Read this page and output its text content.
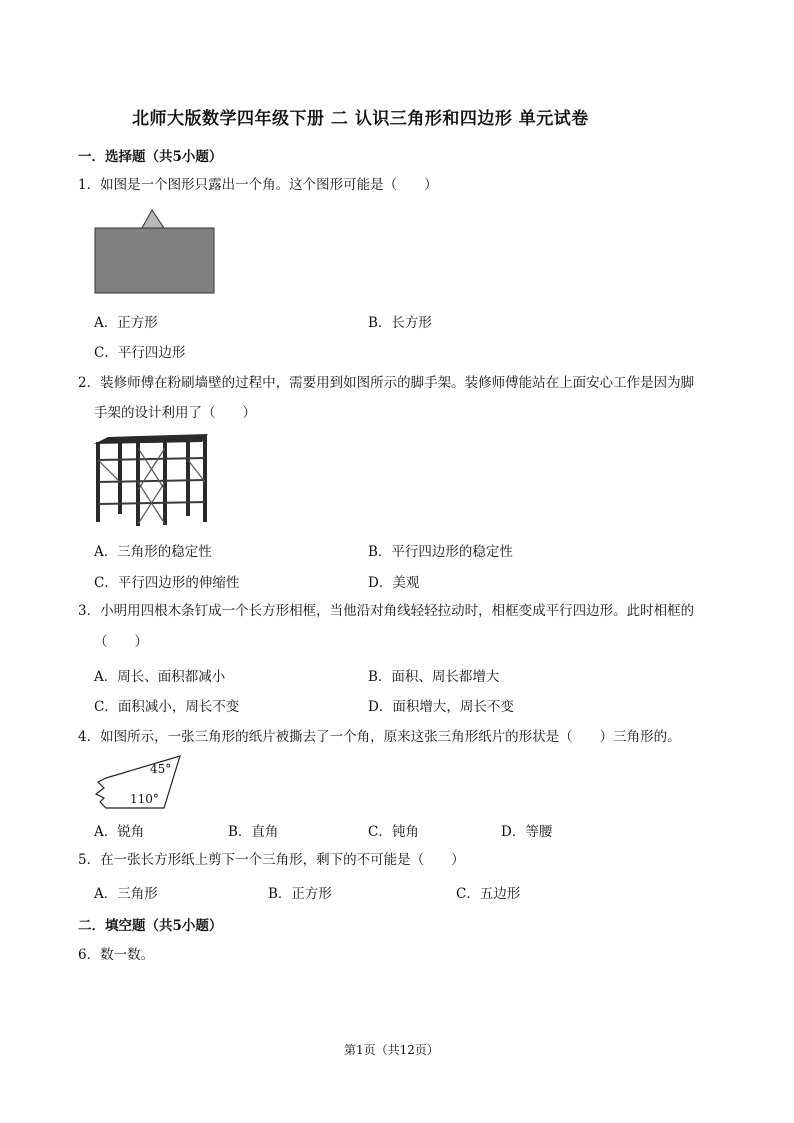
北师大版数学四年级下册 二 认识三角形和四边形 单元试卷
一．选择题（共5小题）
1．如图是一个图形只露出一个角。这个图形可能是（　　）
A．正方形	B．长方形
C．平行四边形
2．装修师傅在粉刷墙壁的过程中，需要用到如图所示的脚手架。装修师傅能站在上面安心工作是因为脚
手架的设计利用了（　　）
A．三角形的稳定性	B．平行四边形的稳定性
C．平行四边形的伸缩性	D．美观
3．小明用四根木条钉成一个长方形相框，当他沿对角线轻轻拉动时，相框变成平行四边形。此时相框的
（　　）
A．周长、面积都减小	B．面积、周长都增大
C．面积减小，周长不变	D．面积增大，周长不变
4．如图所示，一张三角形的纸片被撕去了一个角，原来这张三角形纸片的形状是（　　）三角形的。
45°
110°
A．锐角	B．直角	C．钝角	D．等腰
5．在一张长方形纸上剪下一个三角形，剩下的不可能是（　　）
A．三角形	B．正方形	C．五边形
二．填空题（共5小题）
6．数一数。
第1页（共12页）
